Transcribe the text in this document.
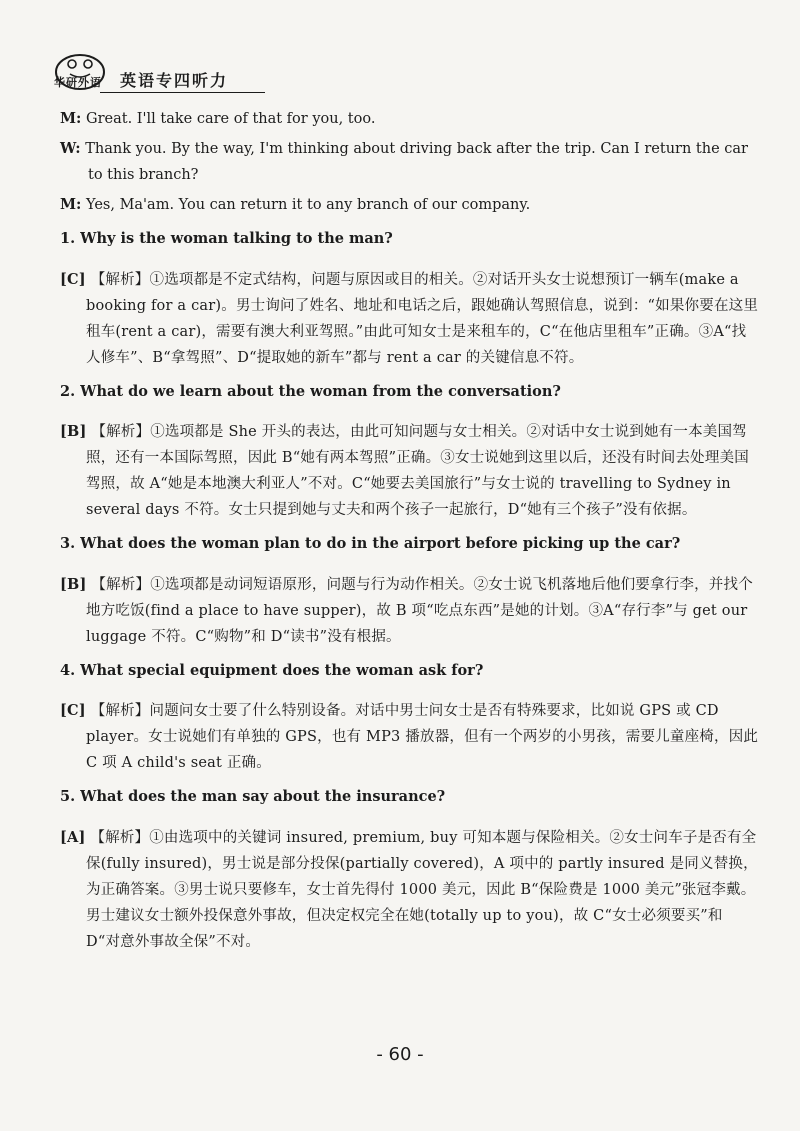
华研外语 英语专四听力

M: Great. I'll take care of that for you, too.

W: Thank you. By the way, I'm thinking about driving back after the trip. Can I return the car to this branch?

M: Yes, Ma'am. You can return it to any branch of our company.

1. Why is the woman talking to the man?

[C] 【解析】①选项都是不定式结构，问题与原因或目的相关。②对话开头女士说想预订一辆车(make a booking for a car)。男士询问了姓名、地址和电话之后，跟她确认驾照信息，说到：“如果你要在这里租车(rent a car)，需要有澳大利亚驾照。”由此可知女士是来租车的，C“在他店里租车”正确。③A“找人修车”、B“拿驾照”、D“提取她的新车”都与 rent a car 的关键信息不符。

2. What do we learn about the woman from the conversation?

[B] 【解析】①选项都是 She 开头的表达，由此可知问题与女士相关。②对话中女士说到她有一本美国驾照，还有一本国际驾照，因此 B“她有两本驾照”正确。③女士说她到这里以后，还没有时间去处理美国驾照，故 A“她是本地澳大利亚人”不对。C“她要去美国旅行”与女士说的 travelling to Sydney in several days 不符。女士只提到她与丈夫和两个孩子一起旅行，D“她有三个孩子”没有依据。

3. What does the woman plan to do in the airport before picking up the car?

[B] 【解析】①选项都是动词短语原形，问题与行为动作相关。②女士说飞机落地后他们要拿行李，并找个地方吃饭(find a place to have supper)，故 B 项“吃点东西”是她的计划。③A“存行李”与 get our luggage 不符。C“购物”和 D“读书”没有根据。

4. What special equipment does the woman ask for?

[C] 【解析】问题问女士要了什么特别设备。对话中男士问女士是否有特殊要求，比如说 GPS 或 CD player。女士说她们有单独的 GPS，也有 MP3 播放器，但有一个两岁的小男孩，需要儿童座椅，因此 C 项 A child's seat 正确。

5. What does the man say about the insurance?

[A] 【解析】①由选项中的关键词 insured, premium, buy 可知本题与保险相关。②女士问车子是否有全保(fully insured)，男士说是部分投保(partially covered)，A 项中的 partly insured 是同义替换，为正确答案。③男士说只要修车，女士首先得付 1000 美元，因此 B“保险费是 1000 美元”张冠李戴。男士建议女士额外投保意外事故，但决定权完全在她(totally up to you)，故 C“女士必须要买”和 D“对意外事故全保”不对。

- 60 -
